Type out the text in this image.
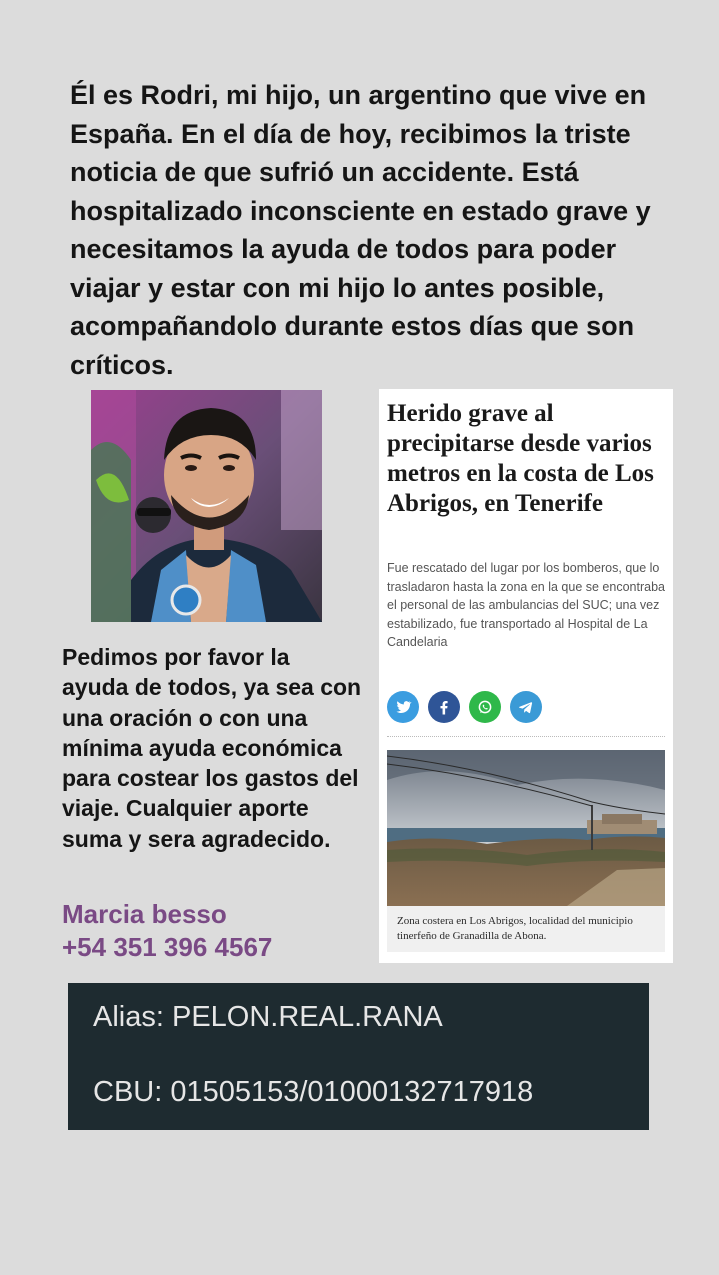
Él es Rodri, mi hijo, un argentino que vive en España. En el día de hoy, recibimos la triste noticia de que sufrió un accidente. Está hospitalizado inconsciente en estado grave y necesitamos la ayuda de todos para poder viajar y estar con mi hijo lo antes posible, acompañandolo durante estos días que son críticos.
Pedimos por favor la ayuda de todos, ya sea con una oración o con una mínima ayuda económica para costear los gastos del viaje. Cualquier aporte suma y sera agradecido.
Marcia besso
+54 351 396 4567
Herido grave al precipitarse desde varios metros en la costa de Los Abrigos, en Tenerife
Fue rescatado del lugar por los bomberos, que lo trasladaron hasta la zona en la que se encontraba el personal de las ambulancias del SUC; una vez estabilizado, fue transportado al Hospital de La Candelaria
Zona costera en Los Abrigos, localidad del municipio tinerfeño de Granadilla de Abona.
Alias: PELON.REAL.RANA
CBU: 01505153/01000132717918
